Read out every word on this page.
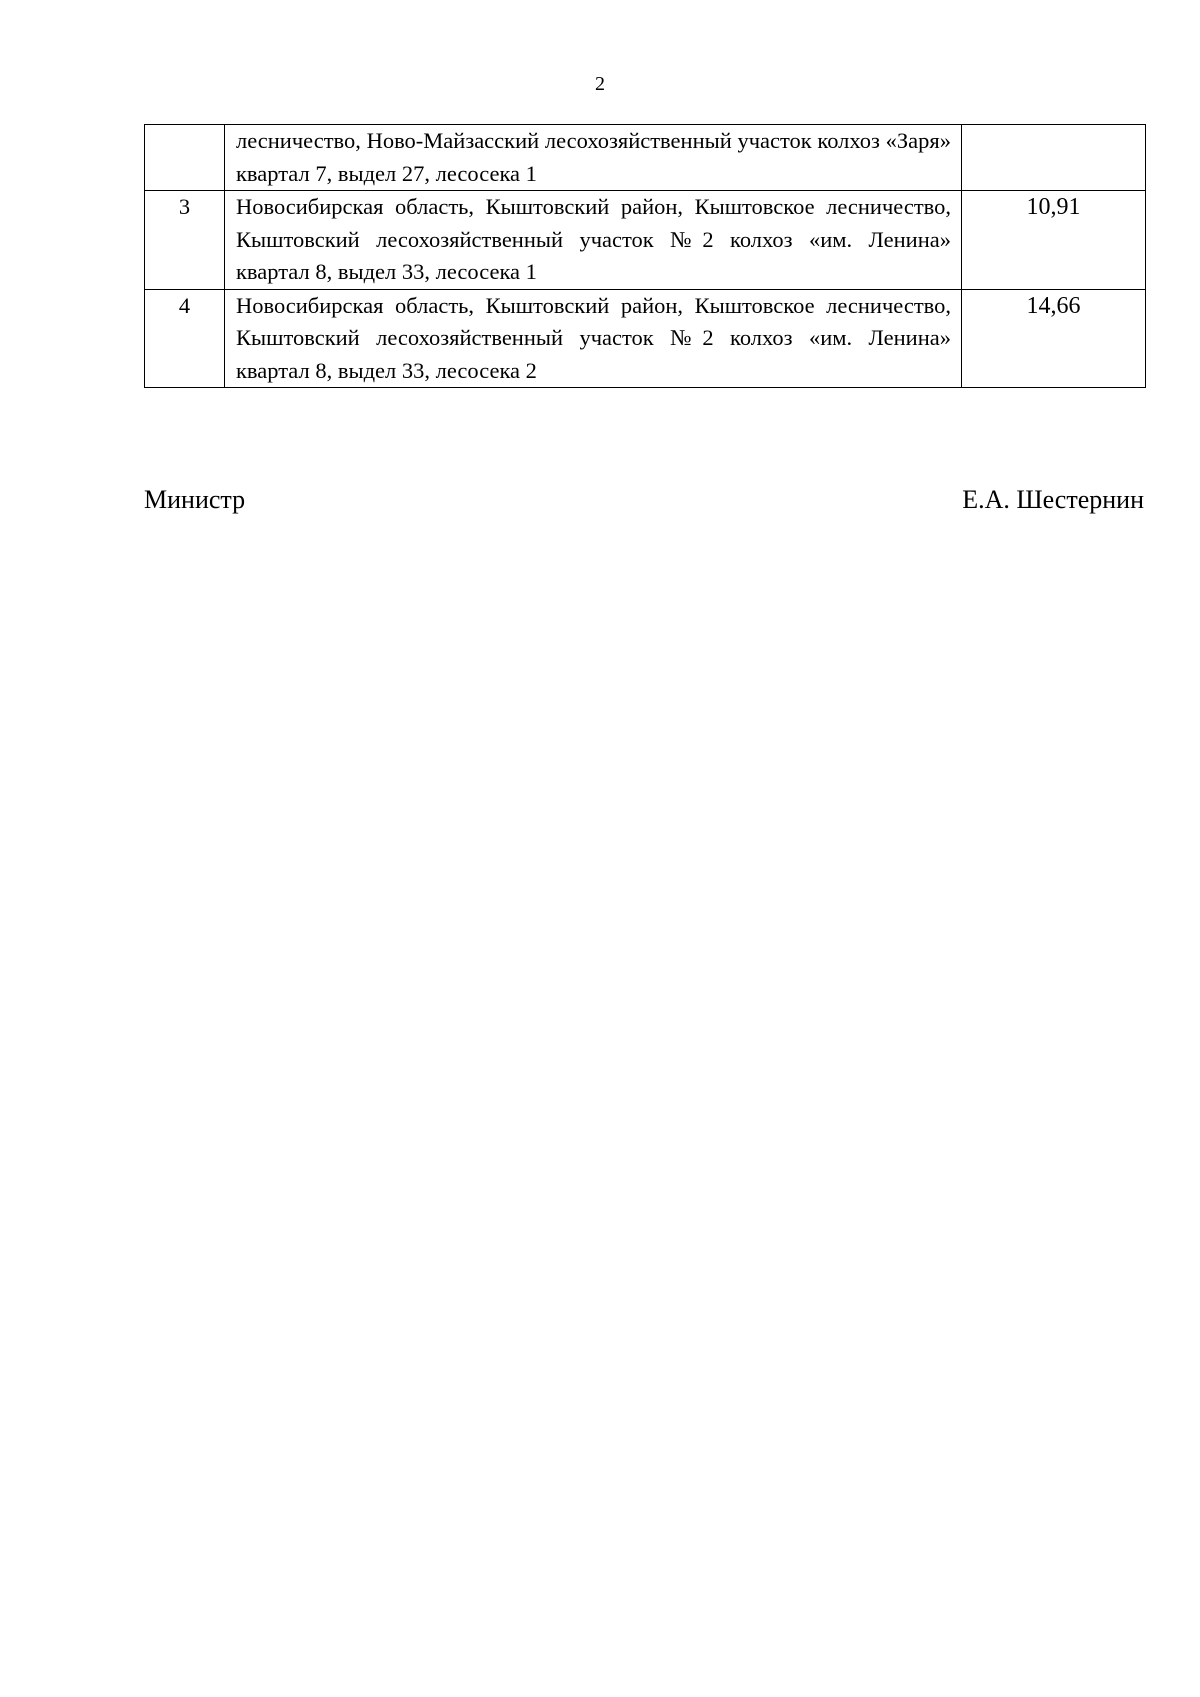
2
	лесничество, Ново-Майзасский лесохозяйственный участок колхоз «Заря» квартал 7, выдел 27, лесосека 1	
3	Новосибирская область, Кыштовский район, Кыштовское лесничество, Кыштовский лесохозяйственный участок №2 колхоз «им. Ленина» квартал 8, выдел 33, лесосека 1	10,91
4	Новосибирская область, Кыштовский район, Кыштовское лесничество, Кыштовский лесохозяйственный участок №2 колхоз «им. Ленина» квартал 8, выдел 33, лесосека 2	14,66
Министр	Е.А. Шестернин
